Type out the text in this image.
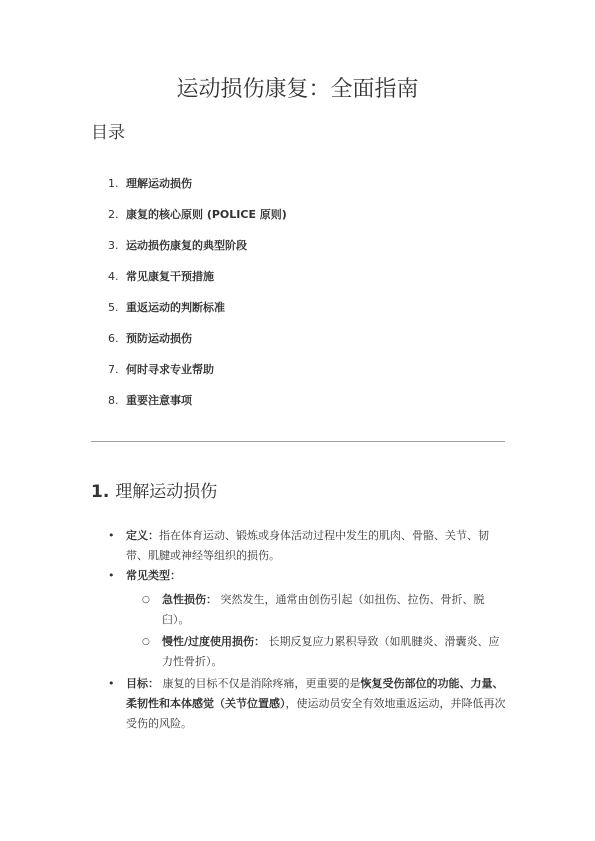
运动损伤康复：全面指南
目录
1. 理解运动损伤
2. 康复的核心原则 (POLICE 原则)
3. 运动损伤康复的典型阶段
4. 常见康复干预措施
5. 重返运动的判断标准
6. 预防运动损伤
7. 何时寻求专业帮助
8. 重要注意事项
1. 理解运动损伤
• 定义：指在体育运动、锻炼或身体活动过程中发生的肌肉、骨骼、关节、韧带、肌腱或神经等组织的损伤。
• 常见类型：
○ 急性损伤： 突然发生，通常由创伤引起（如扭伤、拉伤、骨折、脱臼）。
○ 慢性/过度使用损伤： 长期反复应力累积导致（如肌腱炎、滑囊炎、应力性骨折）。
• 目标： 康复的目标不仅是消除疼痛，更重要的是恢复受伤部位的功能、力量、柔韧性和本体感觉（关节位置感），使运动员安全有效地重返运动，并降低再次受伤的风险。
